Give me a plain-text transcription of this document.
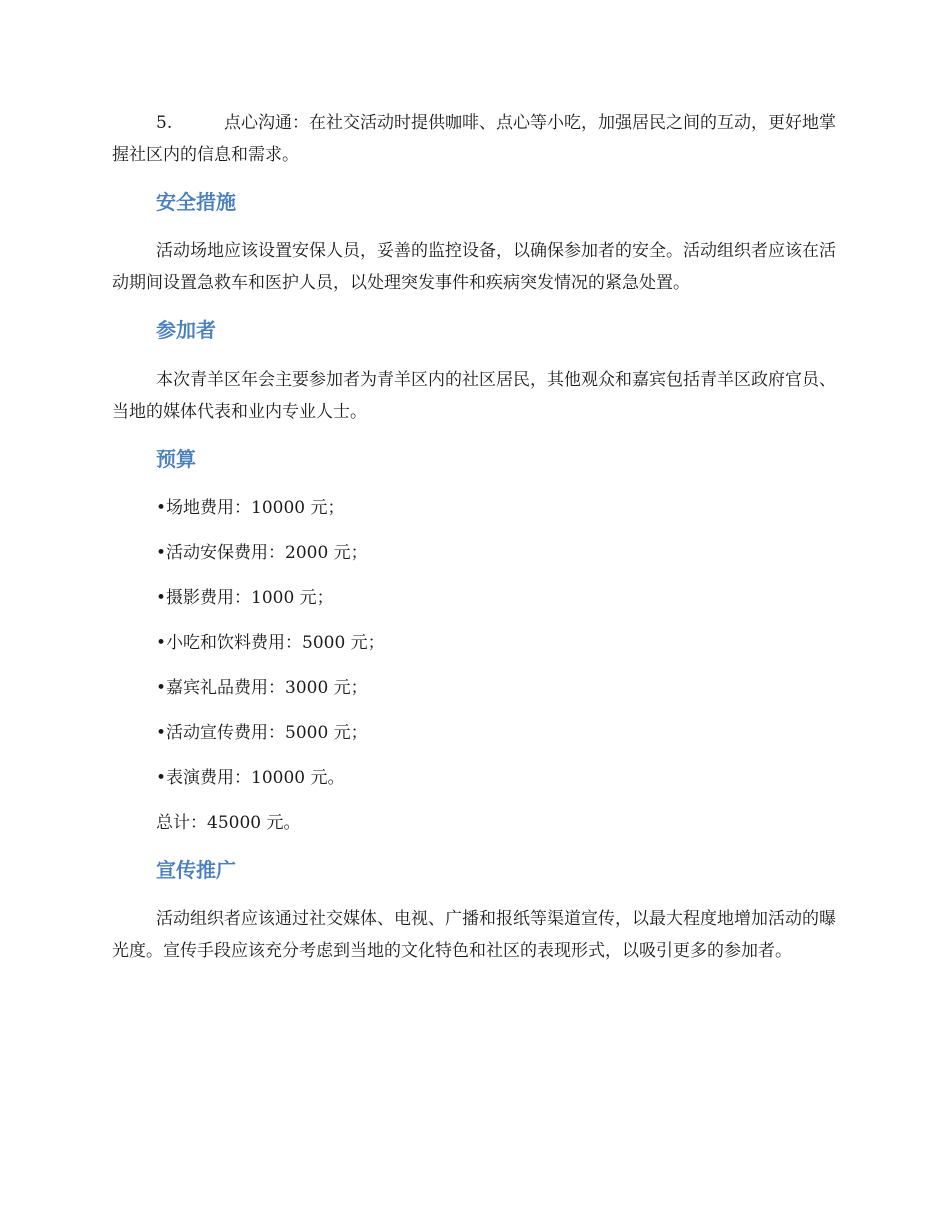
5.	点心沟通：在社交活动时提供咖啡、点心等小吃，加强居民之间的互动，更好地掌握社区内的信息和需求。
安全措施
活动场地应该设置安保人员，妥善的监控设备，以确保参加者的安全。活动组织者应该在活动期间设置急救车和医护人员，以处理突发事件和疾病突发情况的紧急处置。
参加者
本次青羊区年会主要参加者为青羊区内的社区居民，其他观众和嘉宾包括青羊区政府官员、当地的媒体代表和业内专业人士。
预算
•场地费用：10000 元；
•活动安保费用：2000 元；
•摄影费用：1000 元；
•小吃和饮料费用：5000 元；
•嘉宾礼品费用：3000 元；
•活动宣传费用：5000 元；
•表演费用：10000 元。
总计：45000 元。
宣传推广
活动组织者应该通过社交媒体、电视、广播和报纸等渠道宣传，以最大程度地增加活动的曝光度。宣传手段应该充分考虑到当地的文化特色和社区的表现形式，以吸引更多的参加者。
